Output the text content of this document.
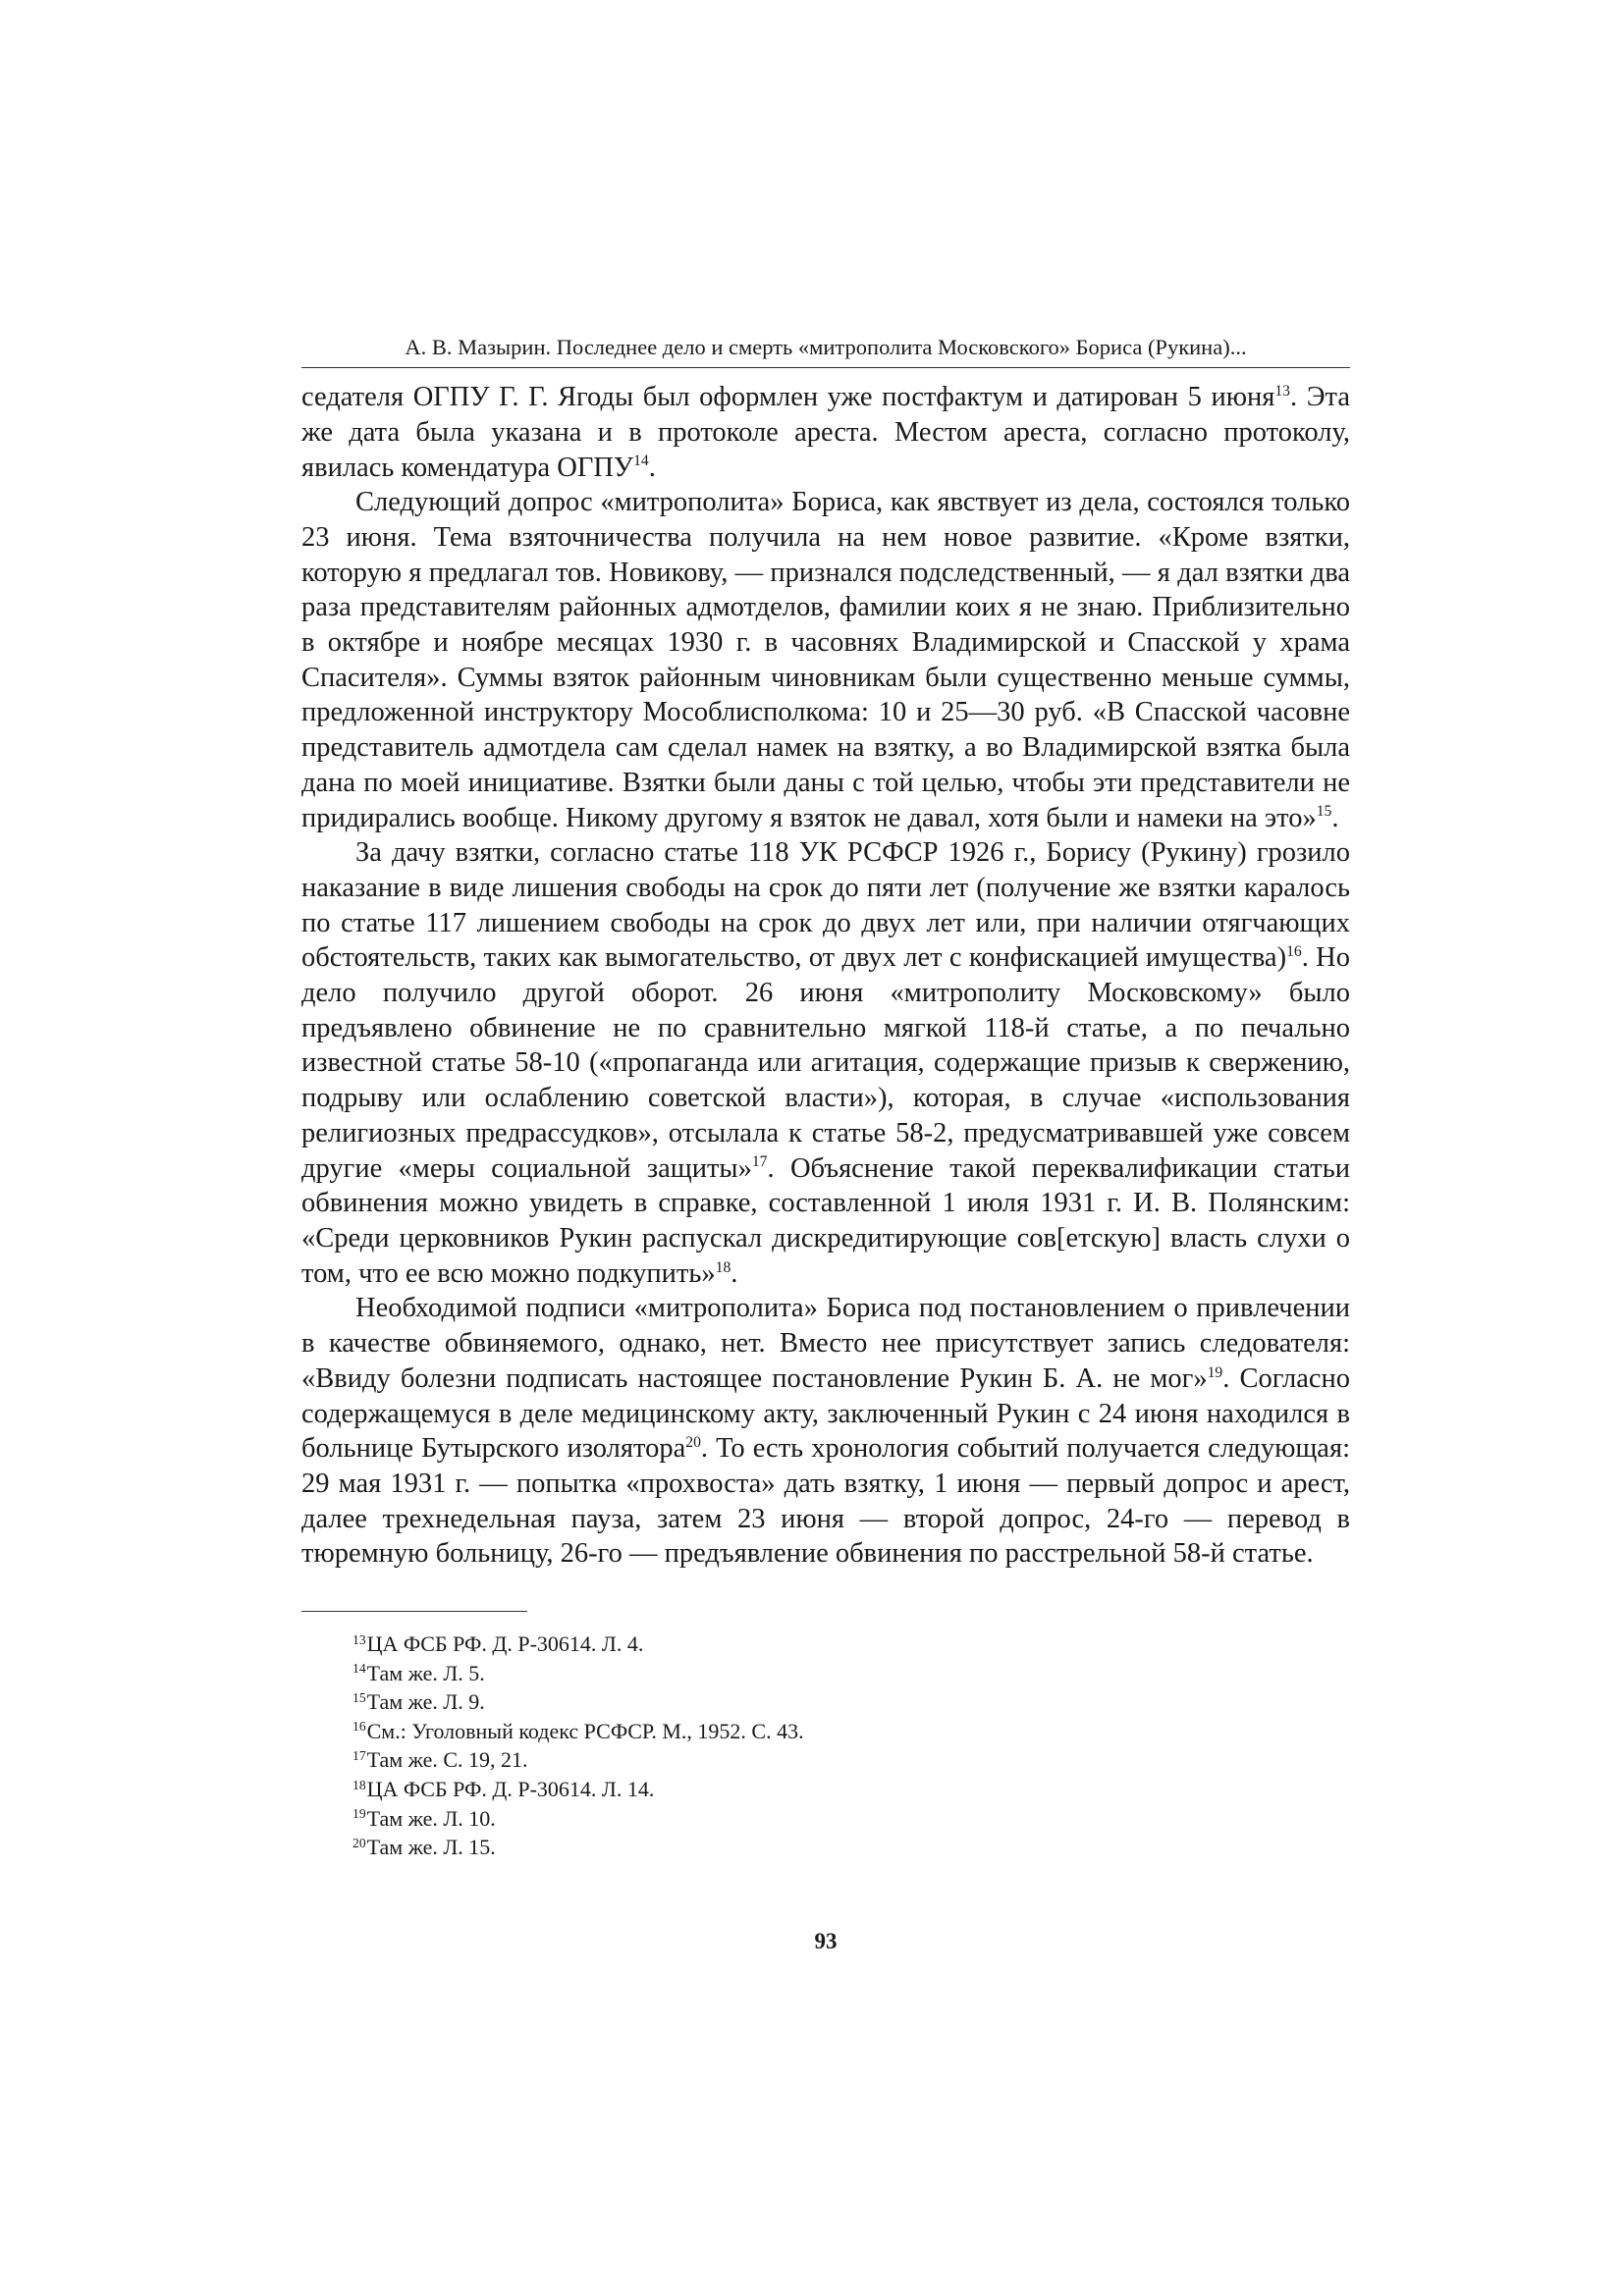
А. В. Мазырин. Последнее дело и смерть «митрополита Московского» Бориса (Рукина)...

седателя ОГПУ Г. Г. Ягоды был оформлен уже постфактум и датирован 5 июня$^{13}$. Эта же дата была указана и в протоколе ареста. Местом ареста, согласно протоколу, явилась комендатура ОГПУ$^{14}$.

Следующий допрос «митрополита» Бориса, как явствует из дела, состоялся только 23 июня. Тема взяточничества получила на нем новое развитие. «Кроме взятки, которую я предлагал тов. Новикову, — признался подследственный, — я дал взятки два раза представителям районных адмотделов, фамилии коих я не знаю. Приблизительно в октябре и ноябре месяцах 1930 г. в часовнях Владимирской и Спасской у храма Спасителя». Суммы взяток районным чиновникам были существенно меньше суммы, предложенной инструктору Мособлисполкома: 10 и 25—30 руб. «В Спасской часовне представитель адмотдела сам сделал намек на взятку, а во Владимирской взятка была дана по моей инициативе. Взятки были даны с той целью, чтобы эти представители не придирались вообще. Никому другому я взяток не давал, хотя были и намеки на это»$^{15}$.

За дачу взятки, согласно статье 118 УК РСФСР 1926 г., Борису (Рукину) грозило наказание в виде лишения свободы на срок до пяти лет (получение же взятки каралось по статье 117 лишением свободы на срок до двух лет или, при наличии отягчающих обстоятельств, таких как вымогательство, от двух лет с конфискацией имущества)$^{16}$. Но дело получило другой оборот. 26 июня «митрополиту Московскому» было предъявлено обвинение не по сравнительно мягкой 118-й статье, а по печально известной статье 58-10 («пропаганда или агитация, содержащие призыв к свержению, подрыву или ослаблению советской власти»), которая, в случае «использования религиозных предрассудков», отсылала к статье 58-2, предусматривавшей уже совсем другие «меры социальной защиты»$^{17}$. Объяснение такой переквалификации статьи обвинения можно увидеть в справке, составленной 1 июля 1931 г. И. В. Полянским: «Среди церковников Рукин распускал дискредитирующие сов[етскую] власть слухи о том, что ее всю можно подкупить»$^{18}$.

Необходимой подписи «митрополита» Бориса под постановлением о привлечении в качестве обвиняемого, однако, нет. Вместо нее присутствует запись следователя: «Ввиду болезни подписать настоящее постановление Рукин Б. А. не мог»$^{19}$. Согласно содержащемуся в деле медицинскому акту, заключенный Рукин с 24 июня находился в больнице Бутырского изолятора$^{20}$. То есть хронология событий получается следующая: 29 мая 1931 г. — попытка «прохвоста» дать взятку, 1 июня — первый допрос и арест, далее трехнедельная пауза, затем 23 июня — второй допрос, 24-го — перевод в тюремную больницу, 26-го — предъявление обвинения по расстрельной 58-й статье.

$^{13}$ЦА ФСБ РФ. Д. Р-30614. Л. 4.
$^{14}$Там же. Л. 5.
$^{15}$Там же. Л. 9.
$^{16}$См.: Уголовный кодекс РСФСР. М., 1952. С. 43.
$^{17}$Там же. С. 19, 21.
$^{18}$ЦА ФСБ РФ. Д. Р-30614. Л. 14.
$^{19}$Там же. Л. 10.
$^{20}$Там же. Л. 15.
93
